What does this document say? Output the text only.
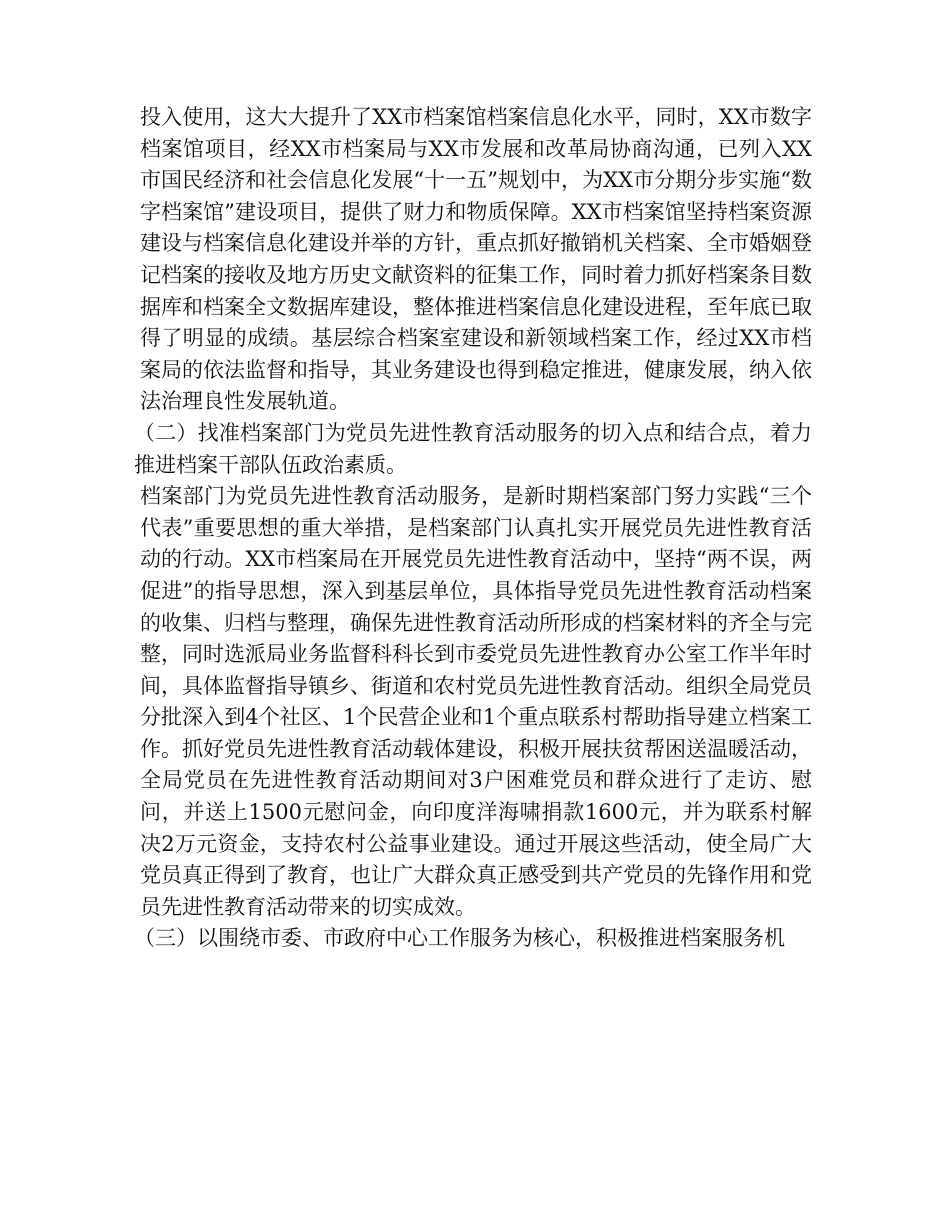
投入使用，这大大提升了XX市档案馆档案信息化水平，同时，XX市数字档案馆项目，经XX市档案局与XX市发展和改革局协商沟通，已列入XX市国民经济和社会信息化发展“十一五”规划中，为XX市分期分步实施“数字档案馆”建设项目，提供了财力和物质保障。XX市档案馆坚持档案资源建设与档案信息化建设并举的方针，重点抓好撤销机关档案、全市婚姻登记档案的接收及地方历史文献资料的征集工作，同时着力抓好档案条目数据库和档案全文数据库建设，整体推进档案信息化建设进程，至年底已取得了明显的成绩。基层综合档案室建设和新领域档案工作，经过XX市档案局的依法监督和指导，其业务建设也得到稳定推进，健康发展，纳入依法治理良性发展轨道。

（二）找准档案部门为党员先进性教育活动服务的切入点和结合点，着力推进档案干部队伍政治素质。

档案部门为党员先进性教育活动服务，是新时期档案部门努力实践“三个代表”重要思想的重大举措，是档案部门认真扎实开展党员先进性教育活动的行动。XX市档案局在开展党员先进性教育活动中，坚持“两不误，两促进”的指导思想，深入到基层单位，具体指导党员先进性教育活动档案的收集、归档与整理，确保先进性教育活动所形成的档案材料的齐全与完整，同时选派局业务监督科科长到市委党员先进性教育办公室工作半年时间，具体监督指导镇乡、街道和农村党员先进性教育活动。组织全局党员分批深入到4个社区、1个民营企业和1个重点联系村帮助指导建立档案工作。抓好党员先进性教育活动载体建设，积极开展扶贫帮困送温暖活动，全局党员在先进性教育活动期间对3户困难党员和群众进行了走访、慰问，并送上1500元慰问金，向印度洋海啸捐款1600元，并为联系村解决2万元资金，支持农村公益事业建设。通过开展这些活动，使全局广大党员真正得到了教育，也让广大群众真正感受到共产党员的先锋作用和党员先进性教育活动带来的切实成效。

（三）以围绕市委、市政府中心工作服务为核心，积极推进档案服务机
